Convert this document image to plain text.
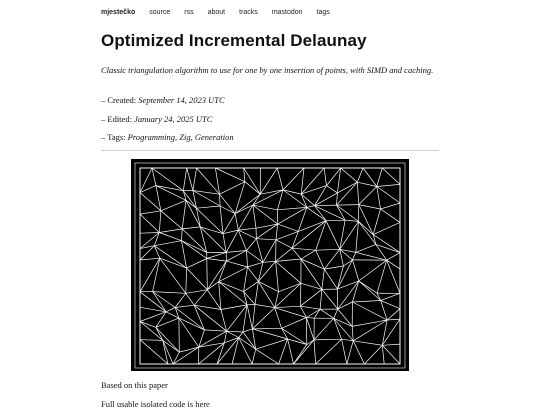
mjestečko source rss about tracks mastodon tags
Optimized Incremental Delaunay

Classic triangulation algorithm to use for one by one insertion of points, with SIMD and caching.

– Created: September 14, 2023 UTC

– Edited: January 24, 2025 UTC

– Tags: Programming, Zig, Generation

Based on this paper

Full usable isolated code is here
